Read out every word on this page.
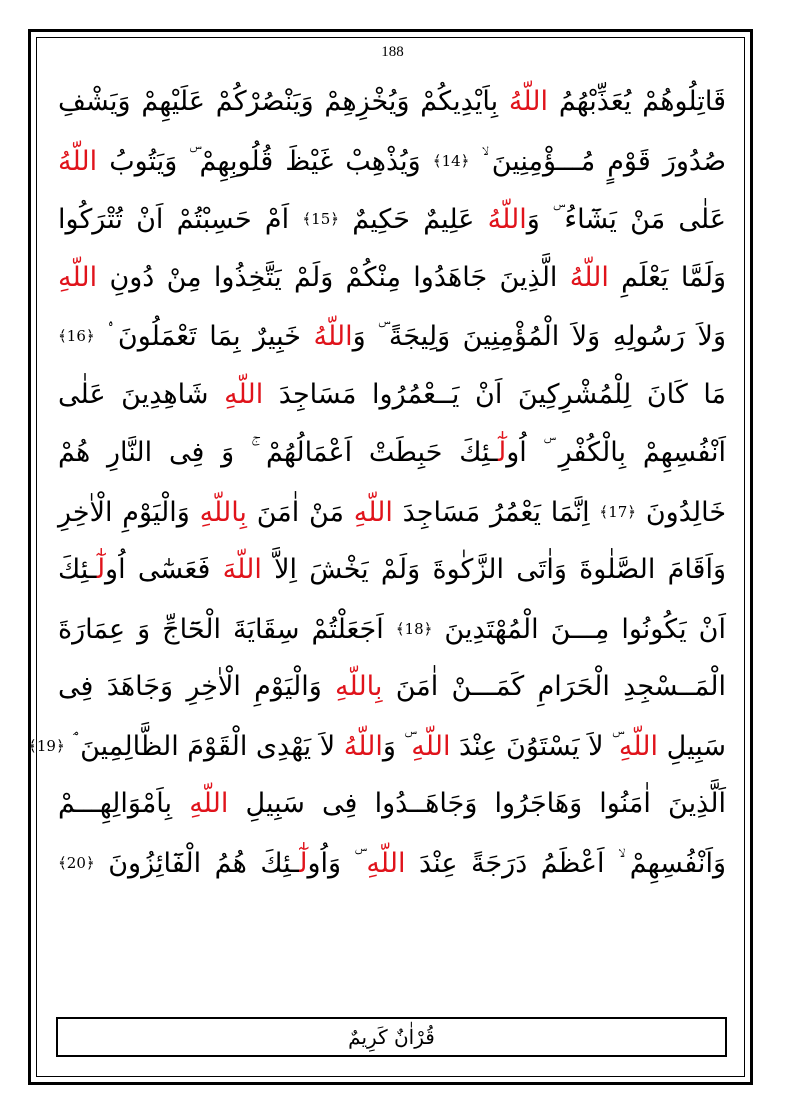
188
قَاتِلُوهُمْ يُعَذِّبْهُمُ اللّهُ بِاَيْدِيكُمْ وَيُخْزِهِمْ وَيَنْصُرْكُمْ عَلَيْهِمْ وَيَشْفِ
صُدُورَ قَوْمٍ مُـــؤْمِنِينَ ۙ ﴿14﴾ وَيُذْهِبْ غَيْظَ قُلُوبِهِمْ ۜ وَيَتُوبُ اللّهُ
عَلٰى مَنْ يَشَٓاءُ ۜ وَاللّهُ عَلِيمٌ حَكِيمٌ ﴿15﴾ اَمْ حَسِبْتُمْ اَنْ تُتْرَكُوا
وَلَمَّا يَعْلَمِ اللّهُ الَّذِينَ جَاهَدُوا مِنْكُمْ وَلَمْ يَتَّخِذُوا مِنْ دُونِ اللّهِ
وَلاَ رَسُولِهِ وَلاَ الْمُؤْمِنِينَ وَلِيجَةً ۜ وَاللّهُ خَبِيرٌ بِمَا تَعْمَلُونَ ۟ ﴿16﴾
مَا كَانَ لِلْمُشْرِكِينَ اَنْ يَــعْمُرُوا مَسَاجِدَ اللّهِ شَاهِدِينَ عَلٰى
اَنْفُسِهِمْ بِالْكُفْرِ ۜ اُولٰٓـئِكَ حَبِطَتْ اَعْمَالُهُمْ ۚ وَ فِى النَّارِ هُمْ
خَالِدُونَ ﴿17﴾ اِنَّمَا يَعْمُرُ مَسَاجِدَ اللّهِ مَنْ اٰمَنَ بِاللّهِ وَالْيَوْمِ الْاٰخِرِ
وَاَقَامَ الصَّلٰوةَ وَاٰتَى الزَّكٰوةَ وَلَمْ يَخْشَ اِلاَّ اللّهَ فَعَسٰٓى اُولٰٓـئِكَ
اَنْ يَكُونُوا مِـــنَ الْمُهْتَدِينَ ﴿18﴾ اَجَعَلْتُمْ سِقَايَةَ الْحَٓاجِّ وَ عِمَارَةَ
الْمَــسْجِدِ الْحَرَامِ كَمَـــنْ اٰمَنَ بِاللّهِ وَالْيَوْمِ الْاٰخِرِ وَجَاهَدَ فِى
سَبِيلِ اللّهِ ۜ لاَ يَسْتَوُنَ عِنْدَ اللّهِ ۜ وَاللّهُ لاَ يَهْدِى الْقَوْمَ الظَّالِمِينَ ۘ ﴿19﴾
اَلَّذِينَ اٰمَنُوا وَهَاجَرُوا وَجَاهَــدُوا فِى سَبِيلِ اللّهِ بِاَمْوَالِهِـــمْ
وَاَنْفُسِهِمْ ۙ اَعْظَمُ دَرَجَةً عِنْدَ اللّهِ ۜ وَاُولٰٓـئِكَ هُمُ الْفَٓائِزُونَ ﴿20﴾
قُرْاٰنٌ كَرِيمٌ
